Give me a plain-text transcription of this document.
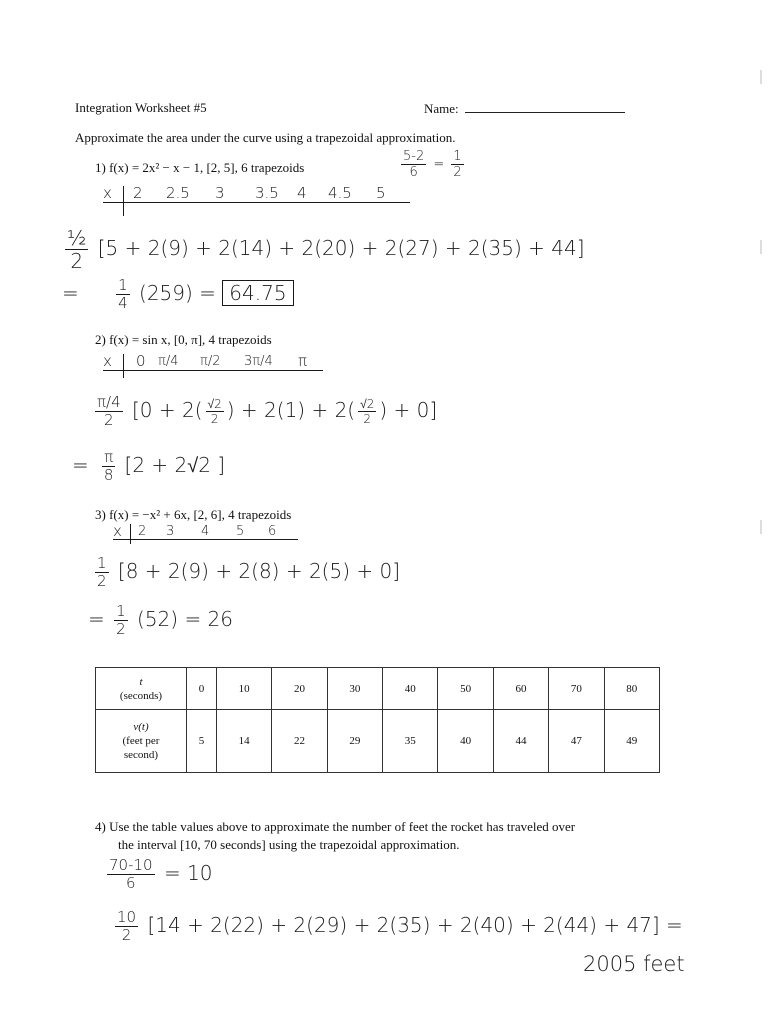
Integration Worksheet #5	Name:
Approximate the area under the curve using a trapezoidal approximation.
1) f(x) = 2x² − x − 1, [2, 5], 6 trapezoids	$\frac{5-2}{6} = \frac{1}{2}$
x 2 2.5 3 3.5 4 4.5 5
$\frac{\text{½}}{2} [5 + 2(9) + 2(14) + 2(20) + 2(27) + 2(35) + 44]$
= $\frac{1}{4} (259) = 64.75$
2) f(x) = sin x, [0, π], 4 trapezoids
x 0 π/4 π/2 3π/4 π
$\frac{\pi/4}{2} [0 + 2( \frac{√2}{2}$ ) + $2(1) + 2( \frac{√2}{2}$ ) + 0]
= $\frac{\pi}{8} [2 + 2√2$ ]
3) f(x) = −x² + 6x, [2, 6], 4 trapezoids
x 2 3 4 5 6
$\frac{1}{2} [8 + 2(9) + 2(8) + 2(5) + 0]$
= $\frac{1}{2} (52) = 26$
t
(seconds)	0	10	20	30	40	50	60	70	80

v(t)
(feet per
second)	5	14	22	29	35	40	44	47	49
4) Use the table values above to approximate the number of feet the rocket has traveled over
the interval [10, 70 seconds] using the trapezoidal approximation.
$\frac{70-10}{6} = 10$
$\frac{10}{2} [14 + 2(22) + 2(29) + 2(35) + 2(40) + 2(44) + 47]$ =
2005 feet
